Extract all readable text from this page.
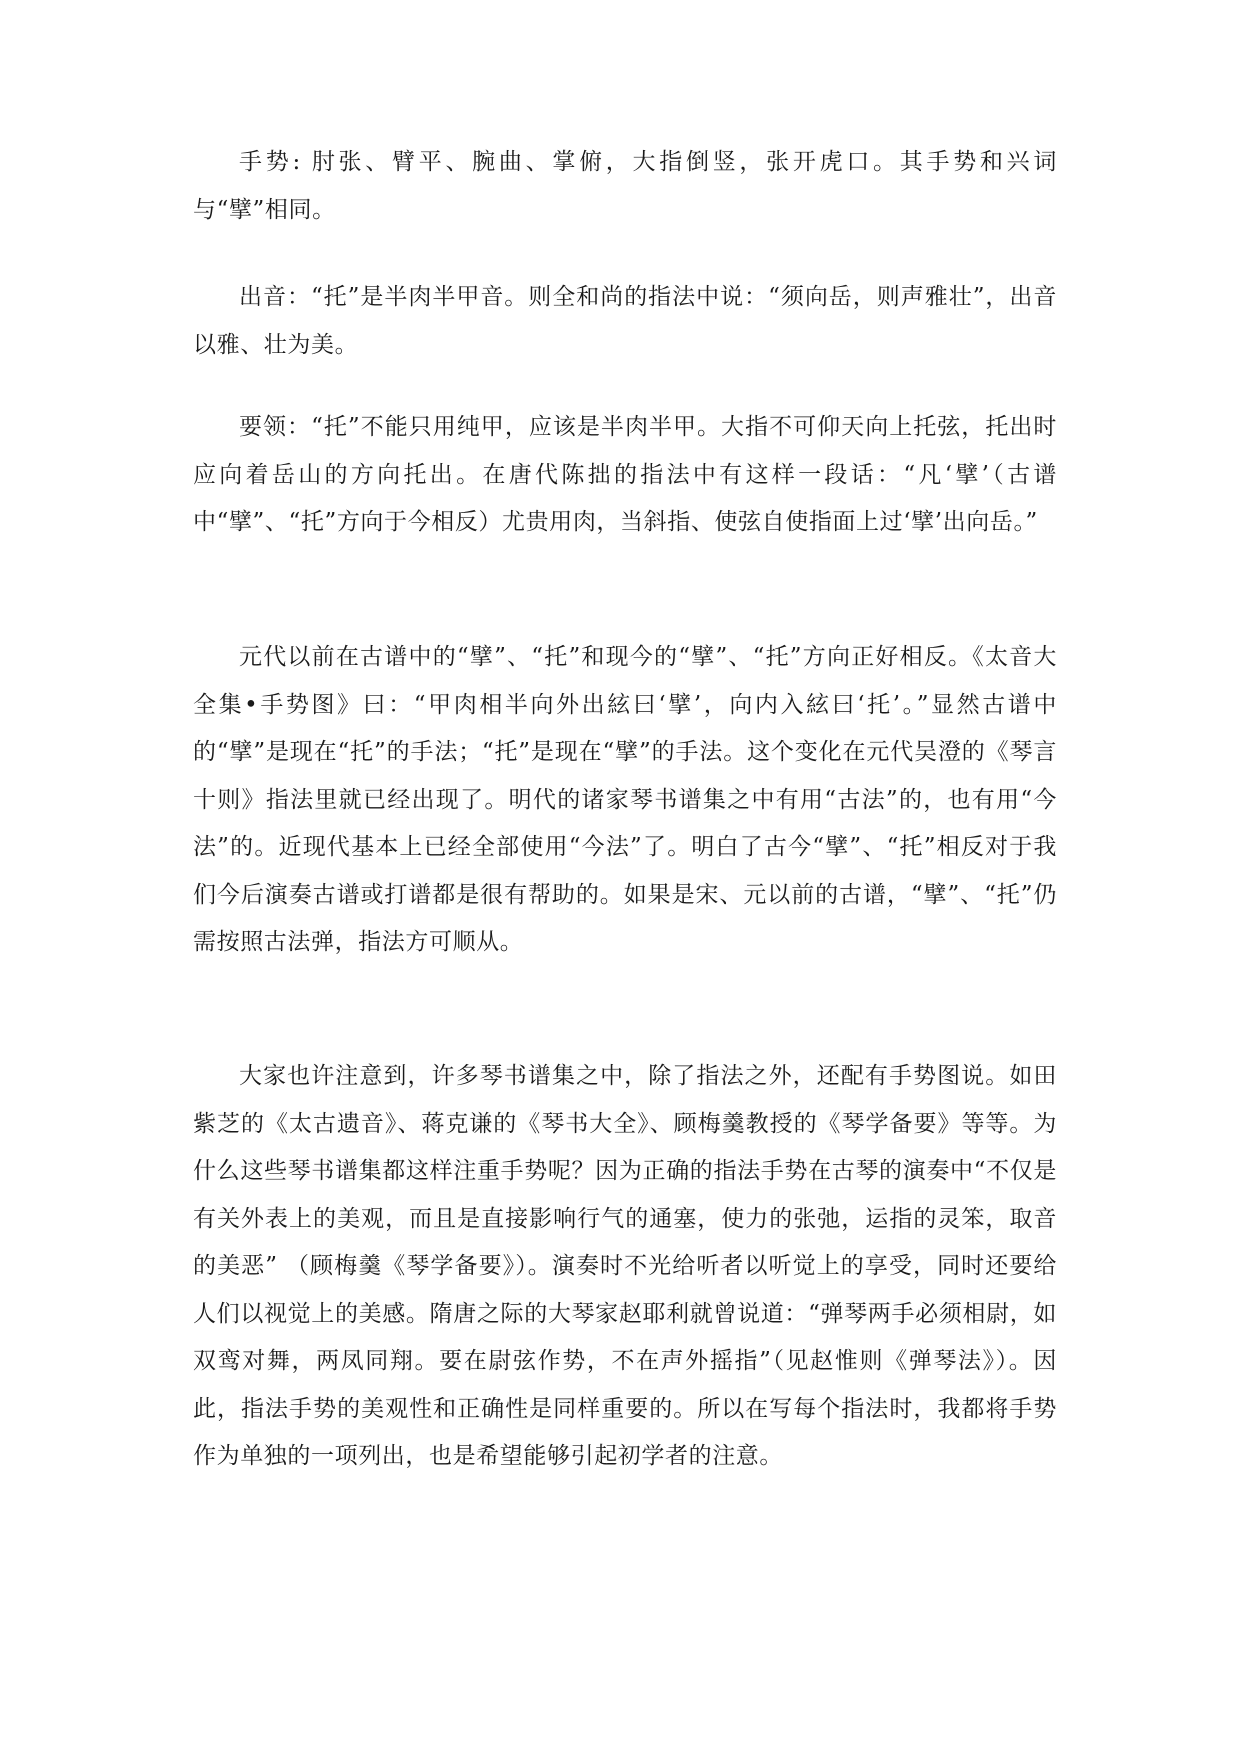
手势: 肘张、臂平、腕曲、掌俯，大指倒竖，张开虎口。其手势和兴词与“擘”相同。

出音：“托”是半肉半甲音。则全和尚的指法中说：“须向岳，则声雅壮”，出音以雅、壮为美。

要领：“托”不能只用纯甲，应该是半肉半甲。大指不可仰天向上托弦，托出时应向着岳山的方向托出。在唐代陈拙的指法中有这样一段话：“凡‘擘’（古谱中“擘”、“托”方向于今相反）尤贵用肉，当斜指、使弦自使指面上过‘擘’出向岳。”

元代以前在古谱中的“擘”、“托”和现今的“擘”、“托”方向正好相反。《太音大全集•手势图》曰：“甲肉相半向外出絃曰‘擘’，向内入絃曰‘托’。”显然古谱中的“擘”是现在“托”的手法；“托”是现在“擘”的手法。这个变化在元代吴澄的《琴言十则》指法里就已经出现了。明代的诸家琴书谱集之中有用“古法”的，也有用“今法”的。近现代基本上已经全部使用“今法”了。明白了古今“擘”、“托”相反对于我们今后演奏古谱或打谱都是很有帮助的。如果是宋、元以前的古谱，“擘”、“托”仍需按照古法弹，指法方可顺从。

大家也许注意到，许多琴书谱集之中，除了指法之外，还配有手势图说。如田紫芝的《太古遗音》、蒋克谦的《琴书大全》、顾梅羹教授的《琴学备要》等等。为什么这些琴书谱集都这样注重手势呢？因为正确的指法手势在古琴的演奏中“不仅是有关外表上的美观，而且是直接影响行气的通塞，使力的张弛，运指的灵笨，取音的美恶” （顾梅羹《琴学备要》）。演奏时不光给听者以听觉上的享受，同时还要给人们以视觉上的美感。隋唐之际的大琴家赵耶利就曾说道：“弹琴两手必须相尉，如双鸾对舞，两凤同翔。要在尉弦作势，不在声外摇指”（见赵惟则《弹琴法》）。因此，指法手势的美观性和正确性是同样重要的。所以在写每个指法时，我都将手势作为单独的一项列出，也是希望能够引起初学者的注意。
